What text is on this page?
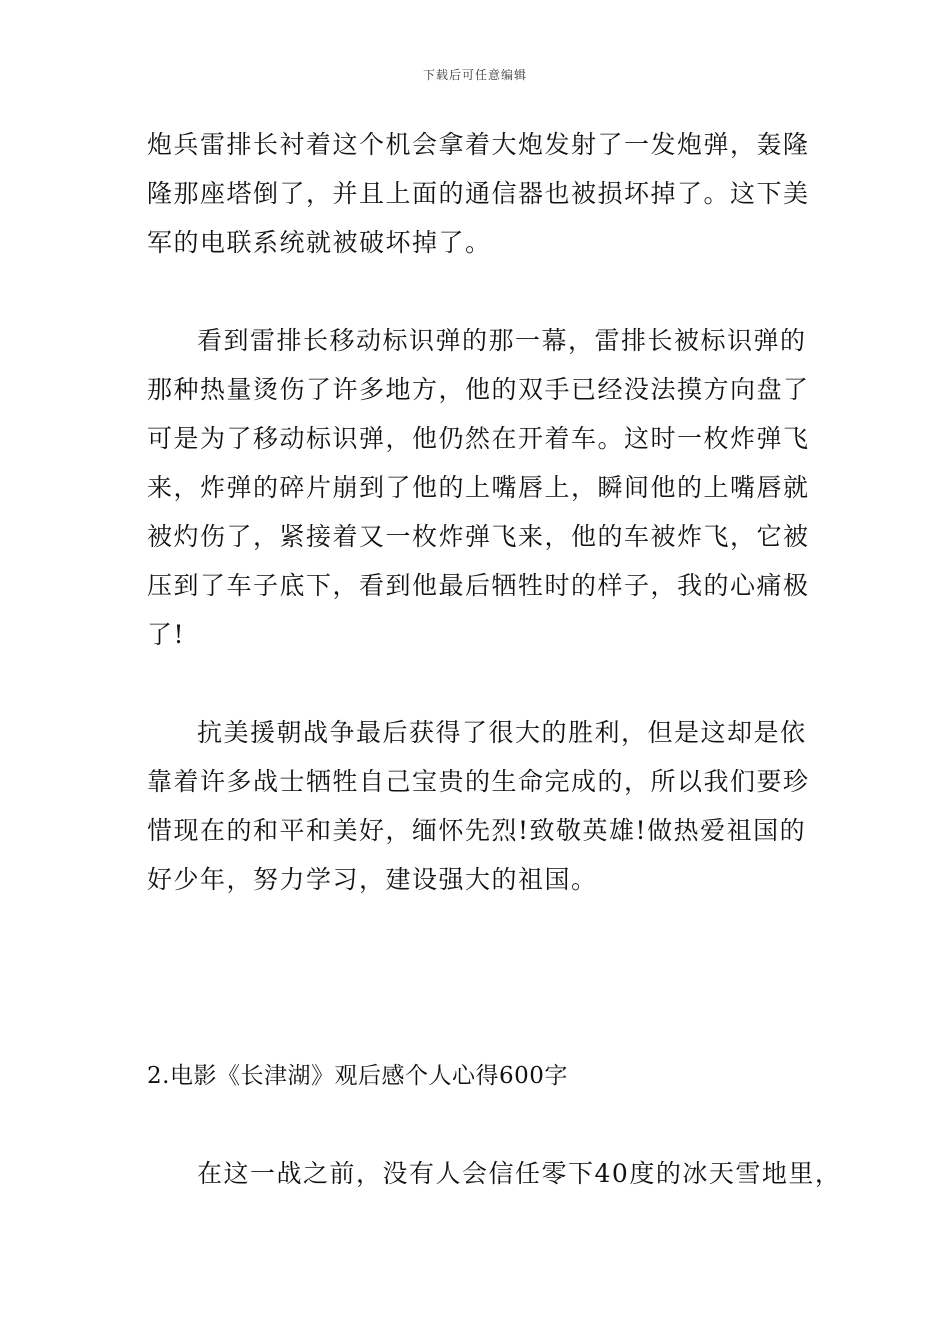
下载后可任意编辑
炮兵雷排长衬着这个机会拿着大炮发射了一发炮弹，轰隆
隆那座塔倒了，并且上面的通信器也被损坏掉了。这下美
军的电联系统就被破坏掉了。
看到雷排长移动标识弹的那一幕，雷排长被标识弹的
那种热量烫伤了许多地方，他的双手已经没法摸方向盘了
可是为了移动标识弹，他仍然在开着车。这时一枚炸弹飞
来，炸弹的碎片崩到了他的上嘴唇上，瞬间他的上嘴唇就
被灼伤了，紧接着又一枚炸弹飞来，他的车被炸飞，它被
压到了车子底下，看到他最后牺牲时的样子，我的心痛极
了!
抗美援朝战争最后获得了很大的胜利，但是这却是依
靠着许多战士牺牲自己宝贵的生命完成的，所以我们要珍
惜现在的和平和美好，缅怀先烈!致敬英雄!做热爱祖国的
好少年，努力学习，建设强大的祖国。
2.电影《长津湖》观后感个人心得600字
在这一战之前，没有人会信任零下40度的冰天雪地里，
